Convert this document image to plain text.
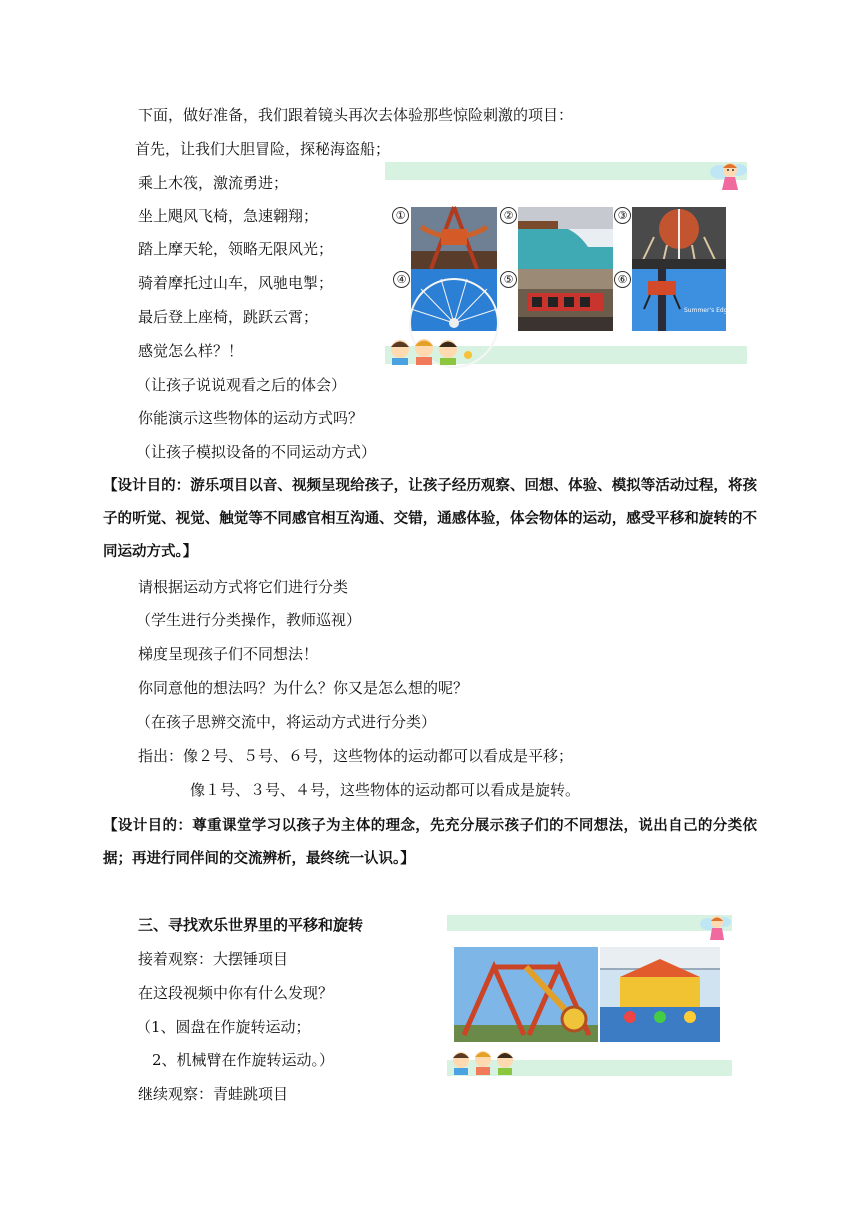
下面，做好准备，我们跟着镜头再次去体验那些惊险刺激的项目：
首先，让我们大胆冒险，探秘海盗船；
乘上木筏，激流勇进；
坐上飓风飞椅，急速翱翔；
踏上摩天轮，领略无限风光；
骑着摩托过山车，风驰电掣；
最后登上座椅，跳跃云霄；
感觉怎么样？！
（让孩子说说观看之后的体会）
你能演示这些物体的运动方式吗？
（让孩子模拟设备的不同运动方式）
【设计目的：游乐项目以音、视频呈现给孩子，让孩子经历观察、回想、体验、模拟等活动过程，将孩子的听觉、视觉、触觉等不同感官相互沟通、交错，通感体验，体会物体的运动，感受平移和旋转的不同运动方式。】
请根据运动方式将它们进行分类
（学生进行分类操作，教师巡视）
梯度呈现孩子们不同想法！
你同意他的想法吗？为什么？你又是怎么想的呢？
（在孩子思辨交流中，将运动方式进行分类）
指出：像２号、５号、６号，这些物体的运动都可以看成是平移；
像１号、３号、４号，这些物体的运动都可以看成是旋转。
【设计目的：尊重课堂学习以孩子为主体的理念，先充分展示孩子们的不同想法，说出自己的分类依据；再进行同伴间的交流辨析，最终统一认识。】
三、寻找欢乐世界里的平移和旋转
接着观察：大摆锤项目
在这段视频中你有什么发现？
（1、圆盘在作旋转运动；
2、机械臂在作旋转运动。）
继续观察：青蛙跳项目
Summer's Edge
①	②	③
④	⑤	⑥
